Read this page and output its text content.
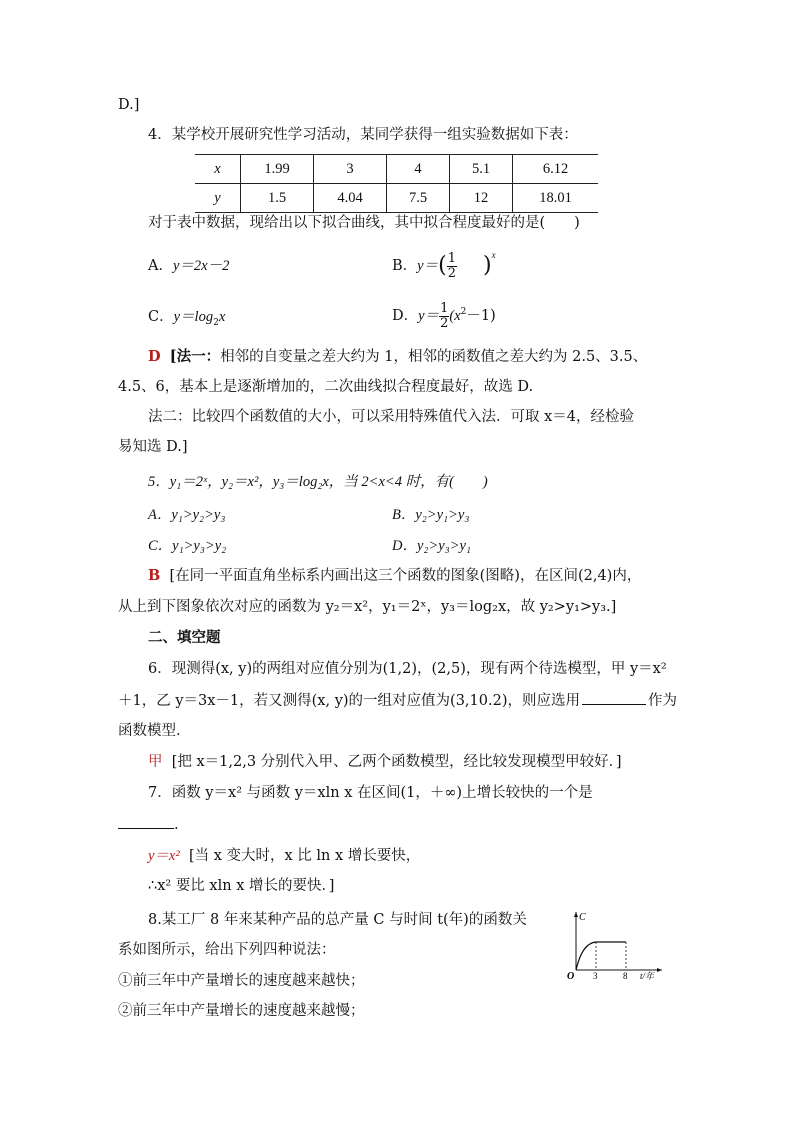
D.]
4．某学校开展研究性学习活动，某同学获得一组实验数据如下表：
x	1.99	3	4	5.1	6.12
y	1.5	4.04	7.5	12	18.01
对于表中数据，现给出以下拟合曲线，其中拟合程度最好的是(　　)
A．y＝2x－2	B．$y=( \frac{1}{2} )^x$
C．$y=\log_2x$	D．$y= \frac{1}{2} (x^2-1)$
D [法一：相邻的自变量之差大约为 1，相邻的函数值之差大约为 2.5、3.5、
4.5、6，基本上是逐渐增加的，二次曲线拟合程度最好，故选 D.
法二：比较四个函数值的大小，可以采用特殊值代入法．可取 x＝4，经检验
易知选 D.]
5．y₁＝2ˣ，y₂＝x²，y₃＝log₂x，当 2<x<4 时，有(　　)
A．y₁>y₂>y₃	B．y₂>y₁>y₃
C．y₁>y₃>y₂	D．y₂>y₃>y₁
B [在同一平面直角坐标系内画出这三个函数的图象(图略)，在区间(2,4)内，
从上到下图象依次对应的函数为 y₂＝x²，y₁＝2ˣ，y₃＝log₂x，故 y₂>y₁>y₃.]
二、填空题
6．现测得(x, y)的两组对应值分别为(1,2)，(2,5)，现有两个待选模型，甲 y＝x²
＋1，乙 y＝3x－1，若又测得(x, y)的一组对应值为(3,10.2)，则应选用	作为
函数模型．
甲 [把 x＝1,2,3 分别代入甲、乙两个函数模型，经比较发现模型甲较好．]
7．函数 y＝x² 与函数 y＝xln x 在区间(1，＋∞)上增长较快的一个是
.
y＝x² [当 x 变大时，x 比 ln x 增长要快，
∴x² 要比 xln x 增长的要快．]
8.某工厂 8 年来某种产品的总产量 C 与时间 t(年)的函数关
系如图所示，给出下列四种说法：
①前三年中产量增长的速度越来越快；
②前三年中产量增长的速度越来越慢；
C
O 3	8 t/年
